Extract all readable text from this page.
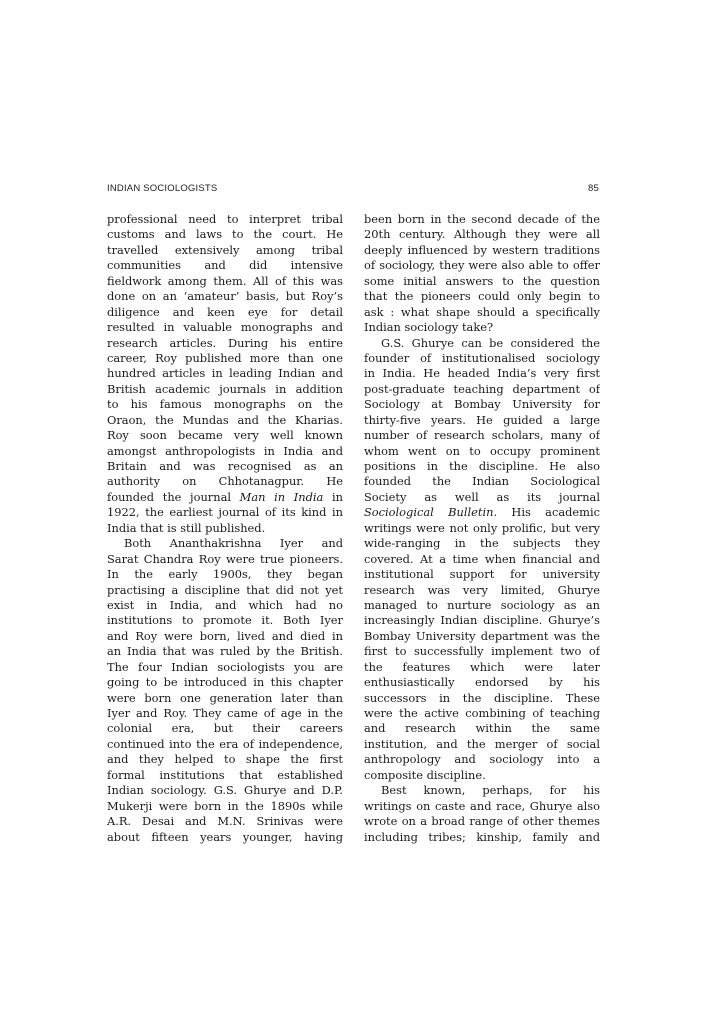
INDIAN SOCIOLOGISTS	85
professional need to interpret tribal
customs and laws to the court. He
travelled extensively among tribal
communities and did intensive
fieldwork among them. All of this was
done on an ‘amateur’ basis, but Roy’s
diligence and keen eye for detail
resulted in valuable monographs and
research articles. During his entire
career, Roy published more than one
hundred articles in leading Indian and
British academic journals in addition
to his famous monographs on the
Oraon, the Mundas and the Kharias.
Roy soon became very well known
amongst anthropologists in India and
Britain and was recognised as an
authority on Chhotanagpur. He
founded the journal Man in India in
1922, the earliest journal of its kind in
India that is still published.
Both Ananthakrishna Iyer and
Sarat Chandra Roy were true pioneers.
In the early 1900s, they began
practising a discipline that did not yet
exist in India, and which had no
institutions to promote it. Both Iyer
and Roy were born, lived and died in
an India that was ruled by the British.
The four Indian sociologists you are
going to be introduced in this chapter
were born one generation later than
Iyer and Roy. They came of age in the
colonial era, but their careers
continued into the era of independence,
and they helped to shape the first
formal institutions that established
Indian sociology. G.S. Ghurye and D.P.
Mukerji were born in the 1890s while
A.R. Desai and M.N. Srinivas were
about fifteen years younger, having
been born in the second decade of the
20th century. Although they were all
deeply influenced by western traditions
of sociology, they were also able to offer
some initial answers to the question
that the pioneers could only begin to
ask : what shape should a specifically
Indian sociology take?
G.S. Ghurye can be considered the
founder of institutionalised sociology
in India. He headed India’s very first
post-graduate teaching department of
Sociology at Bombay University for
thirty-five years. He guided a large
number of research scholars, many of
whom went on to occupy prominent
positions in the discipline. He also
founded the Indian Sociological
Society as well as its journal
Sociological Bulletin. His academic
writings were not only prolific, but very
wide-ranging in the subjects they
covered. At a time when financial and
institutional support for university
research was very limited, Ghurye
managed to nurture sociology as an
increasingly Indian discipline. Ghurye’s
Bombay University department was the
first to successfully implement two of
the features which were later
enthusiastically endorsed by his
successors in the discipline. These
were the active combining of teaching
and research within the same
institution, and the merger of social
anthropology and sociology into a
composite discipline.
Best known, perhaps, for his
writings on caste and race, Ghurye also
wrote on a broad range of other themes
including tribes; kinship, family and
